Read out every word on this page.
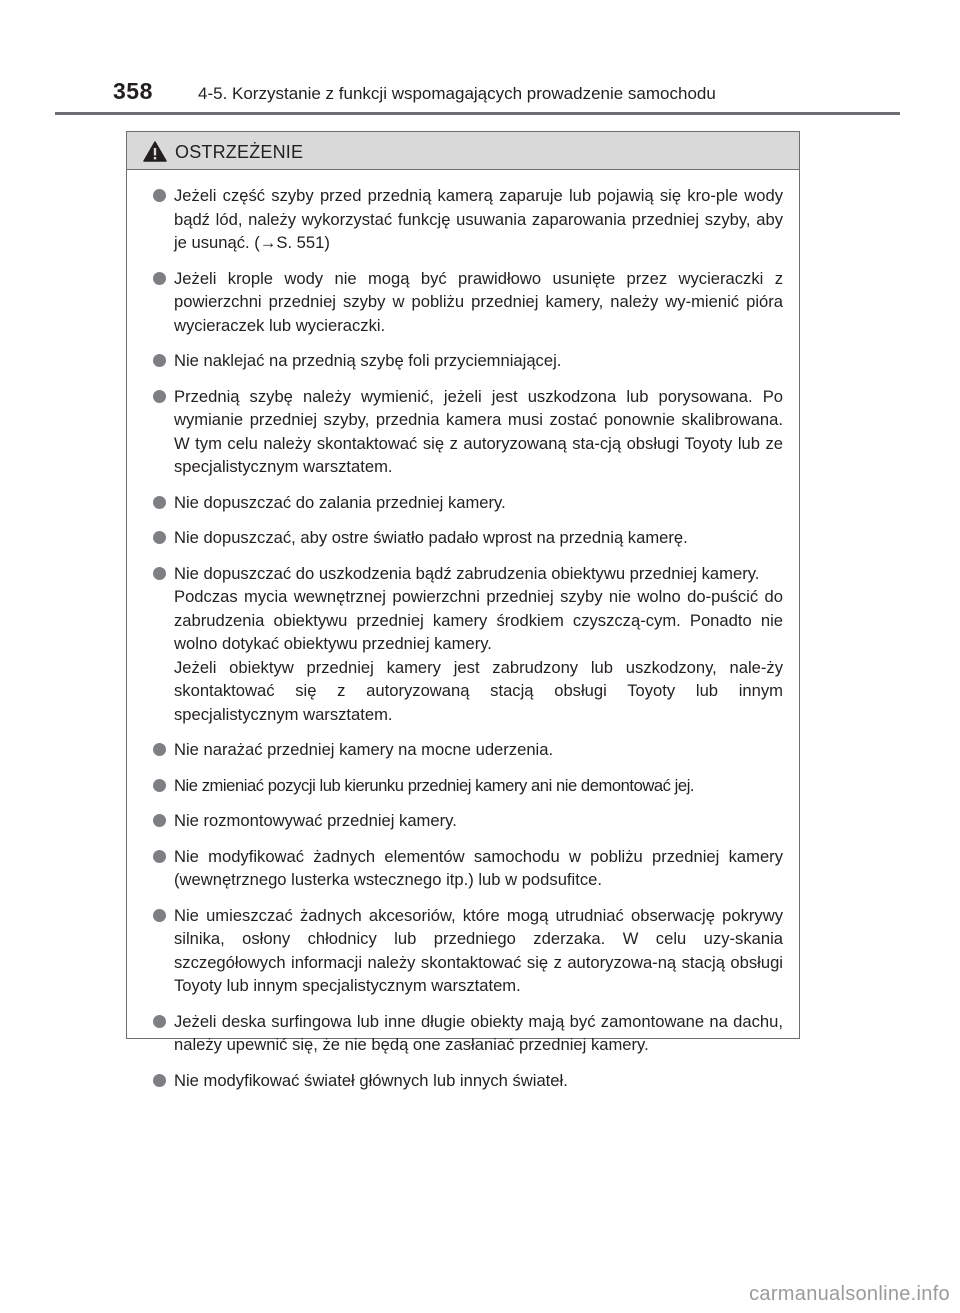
358	4-5. Korzystanie z funkcji wspomagających prowadzenie samochodu
OSTRZEŻENIE
Jeżeli część szyby przed przednią kamerą zaparuje lub pojawią się kro-ple wody bądź lód, należy wykorzystać funkcję usuwania zaparowania przedniej szyby, aby je usunąć. (→S. 551)
Jeżeli krople wody nie mogą być prawidłowo usunięte przez wycieraczki z powierzchni przedniej szyby w pobliżu przedniej kamery, należy wy-mienić pióra wycieraczek lub wycieraczki.
Nie naklejać na przednią szybę foli przyciemniającej.
Przednią szybę należy wymienić, jeżeli jest uszkodzona lub porysowana. Po wymianie przedniej szyby, przednia kamera musi zostać ponownie skalibrowana. W tym celu należy skontaktować się z autoryzowaną sta-cją obsługi Toyoty lub ze specjalistycznym warsztatem.
Nie dopuszczać do zalania przedniej kamery.
Nie dopuszczać, aby ostre światło padało wprost na przednią kamerę.
Nie dopuszczać do uszkodzenia bądź zabrudzenia obiektywu przedniej kamery.
Podczas mycia wewnętrznej powierzchni przedniej szyby nie wolno do-puścić do zabrudzenia obiektywu przedniej kamery środkiem czyszczą-cym. Ponadto nie wolno dotykać obiektywu przedniej kamery.
Jeżeli obiektyw przedniej kamery jest zabrudzony lub uszkodzony, nale-ży skontaktować się z autoryzowaną stacją obsługi Toyoty lub innym specjalistycznym warsztatem.
Nie narażać przedniej kamery na mocne uderzenia.
Nie zmieniać pozycji lub kierunku przedniej kamery ani nie demontować jej.
Nie rozmontowywać przedniej kamery.
Nie modyfikować żadnych elementów samochodu w pobliżu przedniej kamery (wewnętrznego lusterka wstecznego itp.) lub w podsufitce.
Nie umieszczać żadnych akcesoriów, które mogą utrudniać obserwację pokrywy silnika, osłony chłodnicy lub przedniego zderzaka. W celu uzy-skania szczegółowych informacji należy skontaktować się z autoryzowa-ną stacją obsługi Toyoty lub innym specjalistycznym warsztatem.
Jeżeli deska surfingowa lub inne długie obiekty mają być zamontowane na dachu, należy upewnić się, że nie będą one zasłaniać przedniej kamery.
Nie modyfikować świateł głównych lub innych świateł.
carmanualsonline.info
